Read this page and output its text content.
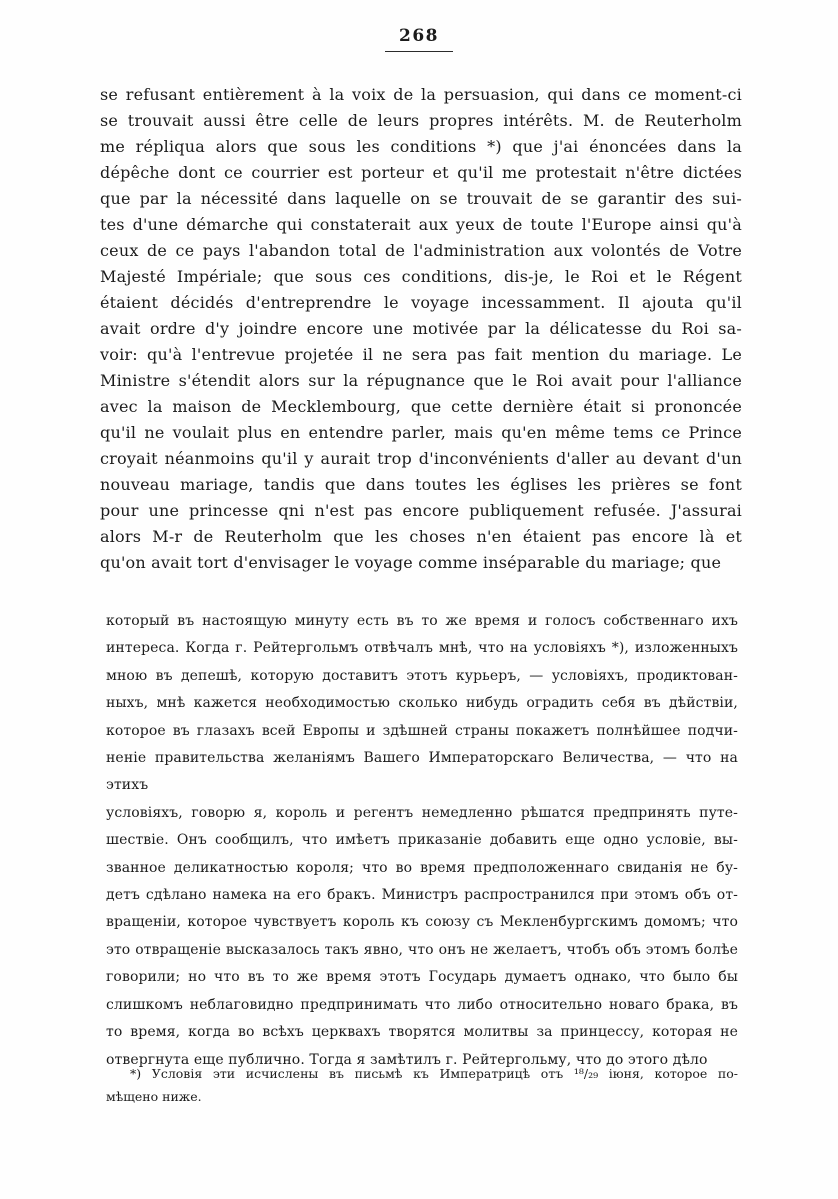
268
se refusant entièrement à la voix de la persuasion, qui dans ce moment-ci
se trouvait aussi être celle de leurs propres intérêts. M. de Reuterholm
me répliqua alors que sous les conditions *) que j'ai énoncées dans la
dépêche dont ce courrier est porteur et qu'il me protestait n'être dictées
que par la nécessité dans laquelle on se trouvait de se garantir des sui-
tes d'une démarche qui constaterait aux yeux de toute l'Europe ainsi qu'à
ceux de ce pays l'abandon total de l'administration aux volontés de Votre
Majesté Impériale; que sous ces conditions, dis-je, le Roi et le Régent
étaient décidés d'entreprendre le voyage incessamment. Il ajouta qu'il
avait ordre d'y joindre encore une motivée par la délicatesse du Roi sa-
voir: qu'à l'entrevue projetée il ne sera pas fait mention du mariage. Le
Ministre s'étendit alors sur la répugnance que le Roi avait pour l'alliance
avec la maison de Mecklembourg, que cette dernière était si prononcée
qu'il ne voulait plus en entendre parler, mais qu'en même tems ce Prince
croyait néanmoins qu'il y aurait trop d'inconvénients d'aller au devant d'un
nouveau mariage, tandis que dans toutes les églises les prières se font
pour une princesse qni n'est pas encore publiquement refusée. J'assurai
alors M-r de Reuterholm que les choses n'en étaient pas encore là et
qu'on avait tort d'envisager le voyage comme inséparable du mariage; que
который въ настоящую минуту есть въ то же время и голосъ собственнаго ихъ
интереса. Когда г. Рейтергольмъ отвѣчалъ мнѣ, что на условіяхъ *), изложенныхъ
мною въ депешѣ, которую доставитъ этотъ курьеръ, — условіяхъ, продиктован-
ныхъ, мнѣ кажется необходимостью сколько нибудь оградить себя въ дѣйствіи,
которое въ глазахъ всей Европы и здѣшней страны покажетъ полнѣйшее подчи-
неніе правительства желаніямъ Вашего Императорскаго Величества, — что на этихъ
условіяхъ, говорю я, король и регентъ немедленно рѣшатся предпринять путе-
шествіе. Онъ сообщилъ, что имѣетъ приказаніе добавить еще одно условіе, вы-
званное деликатностью короля; что во время предположеннаго свиданія не бу-
детъ сдѣлано намека на его бракъ. Министръ распространился при этомъ объ от-
вращеніи, которое чувствуетъ король къ союзу съ Мекленбургскимъ домомъ; что
это отвращеніе высказалось такъ явно, что онъ не желаетъ, чтобъ объ этомъ болѣе
говорили; но что въ то же время этотъ Государь думаетъ однако, что было бы
слишкомъ неблаговидно предпринимать что либо относительно новаго брака, въ
то время, когда во всѣхъ церквахъ творятся молитвы за принцессу, которая не
отвергнута еще публично. Тогда я замѣтилъ г. Рейтергольму, что до этого дѣло
*) Условія эти исчислены въ письмѣ къ Императрицѣ отъ ¹⁸/₂₉ іюня, которое по-
мѣщено ниже.
